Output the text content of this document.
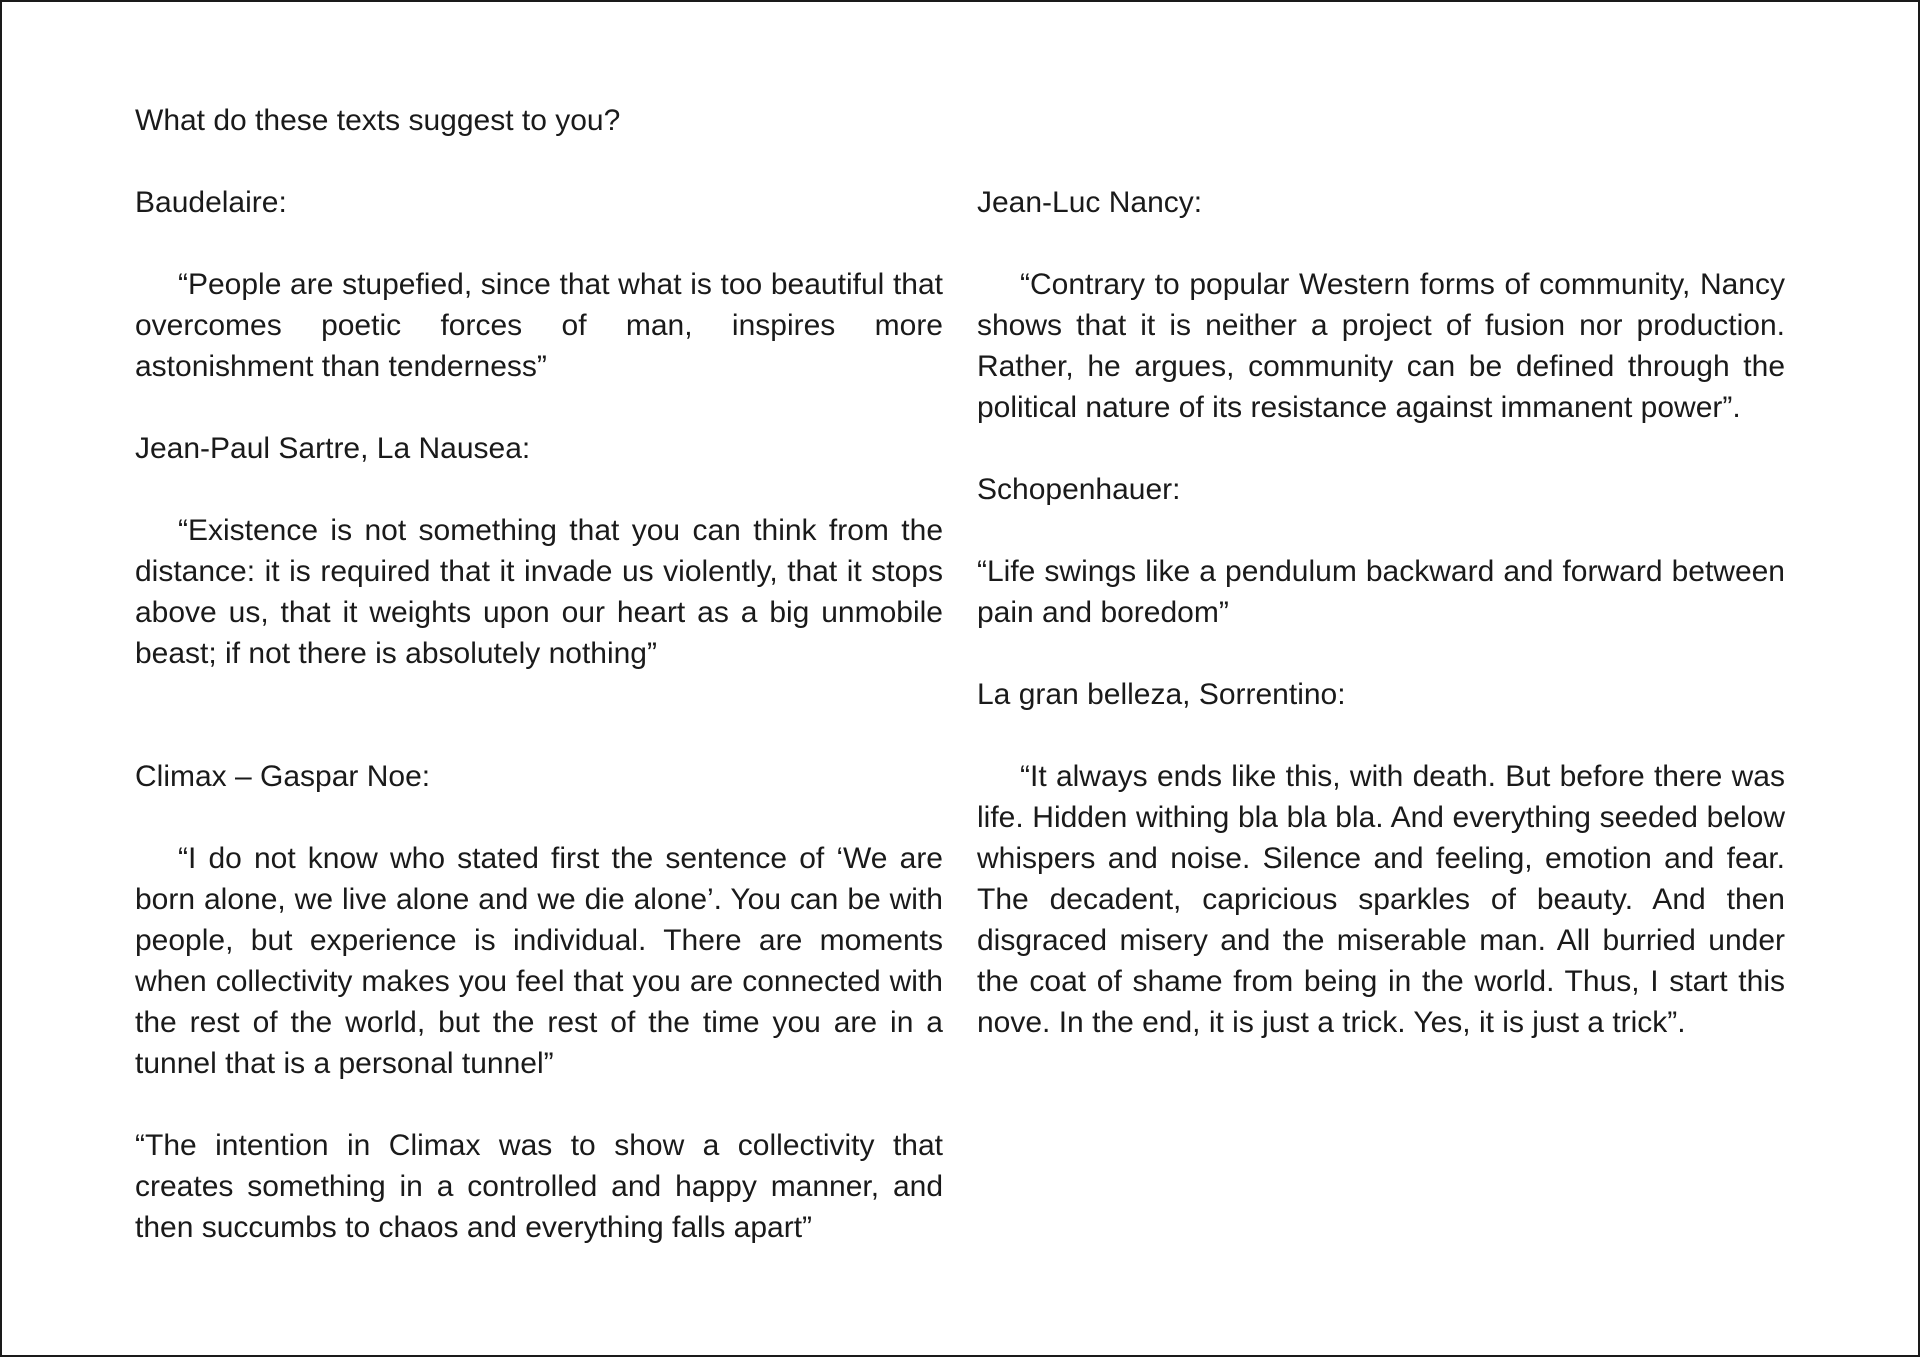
What do these texts suggest to you?

Baudelaire:

“People are stupefied, since that what is too beautiful that overcomes poetic forces of man, inspires more astonishment than tenderness”

Jean-Paul Sartre, La Nausea:

“Existence is not something that you can think from the distance: it is required that it invade us violently, that it stops above us, that it weights upon our heart as a big unmobile beast; if not there is absolutely nothing”

Climax – Gaspar Noe:

“I do not know who stated first the sentence of ‘We are born alone, we live alone and we die alone’. You can be with people, but experience is individual. There are moments when collectivity makes you feel that you are connected with the rest of the world, but the rest of the time you are in a tunnel that is a personal tunnel”

“The intention in Climax was to show a collectivity that creates something in a controlled and happy manner, and then succumbs to chaos and everything falls apart”

Jean-Luc Nancy:

“Contrary to popular Western forms of community, Nancy shows that it is neither a project of fusion nor production. Rather, he argues, community can be defined through the political nature of its resistance against immanent power”.

Schopenhauer:

“Life swings like a pendulum backward and forward between pain and boredom”

La gran belleza, Sorrentino:

“It always ends like this, with death. But before there was life. Hidden withing bla bla bla. And everything seeded below whispers and noise. Silence and feeling, emotion and fear. The decadent, capricious sparkles of beauty. And then disgraced misery and the miserable man. All burried under the coat of shame from being in the world. Thus, I start this nove. In the end, it is just a trick. Yes, it is just a trick”.
